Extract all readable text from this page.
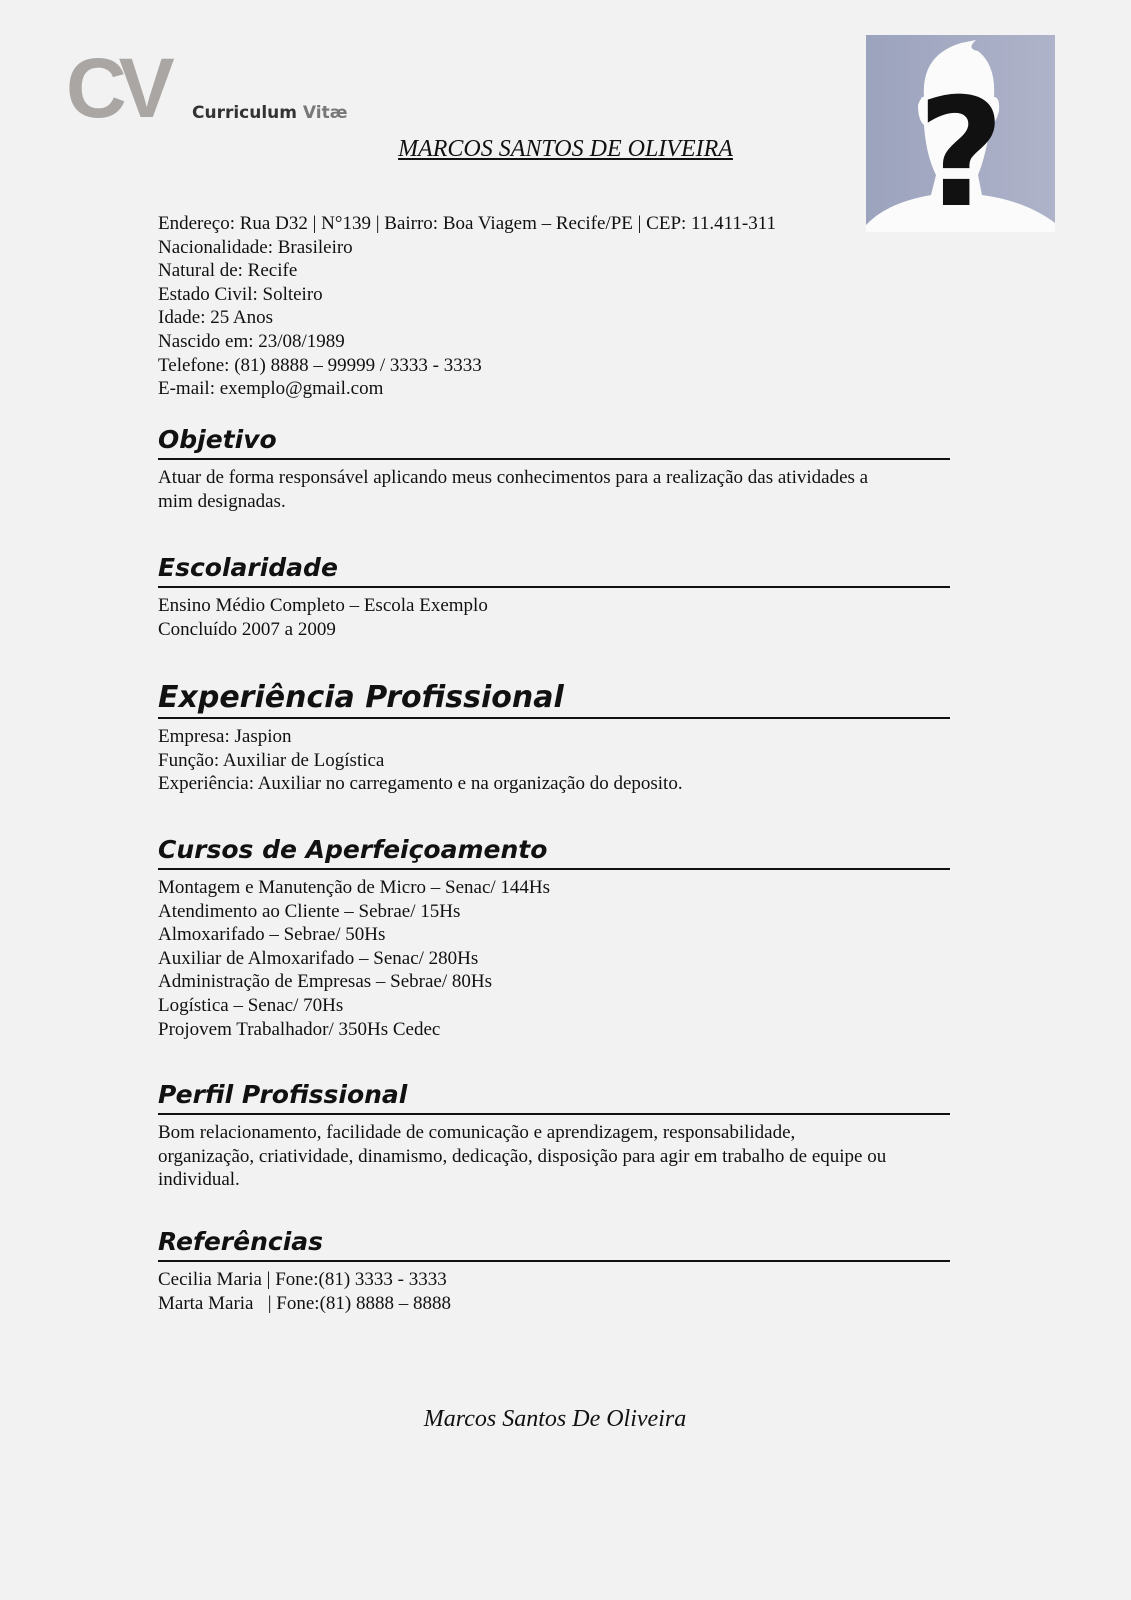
CV	Curriculum Vitæ	?
MARCOS SANTOS DE OLIVEIRA
Endereço: Rua D32 | N°139 | Bairro: Boa Viagem – Recife/PE | CEP: 11.411-311
Nacionalidade: Brasileiro
Natural de: Recife
Estado Civil: Solteiro
Idade: 25 Anos
Nascido em: 23/08/1989
Telefone: (81) 8888 – 99999 / 3333 - 3333
E-mail: exemplo@gmail.com
Objetivo
Atuar de forma responsável aplicando meus conhecimentos para a realização das atividades a
mim designadas.
Escolaridade
Ensino Médio Completo – Escola Exemplo
Concluído 2007 a 2009
Experiência Profissional
Empresa: Jaspion
Função: Auxiliar de Logística
Experiência: Auxiliar no carregamento e na organização do deposito.
Cursos de Aperfeiçoamento
Montagem e Manutenção de Micro – Senac/ 144Hs
Atendimento ao Cliente – Sebrae/ 15Hs
Almoxarifado – Sebrae/ 50Hs
Auxiliar de Almoxarifado – Senac/ 280Hs
Administração de Empresas – Sebrae/ 80Hs
Logística – Senac/ 70Hs
Projovem Trabalhador/ 350Hs Cedec
Perfil Profissional
Bom relacionamento, facilidade de comunicação e aprendizagem, responsabilidade,
organização, criatividade, dinamismo, dedicação, disposição para agir em trabalho de equipe ou
individual.
Referências
Cecilia Maria | Fone:(81) 3333 - 3333
Marta Maria   | Fone:(81) 8888 – 8888
Marcos Santos De Oliveira
